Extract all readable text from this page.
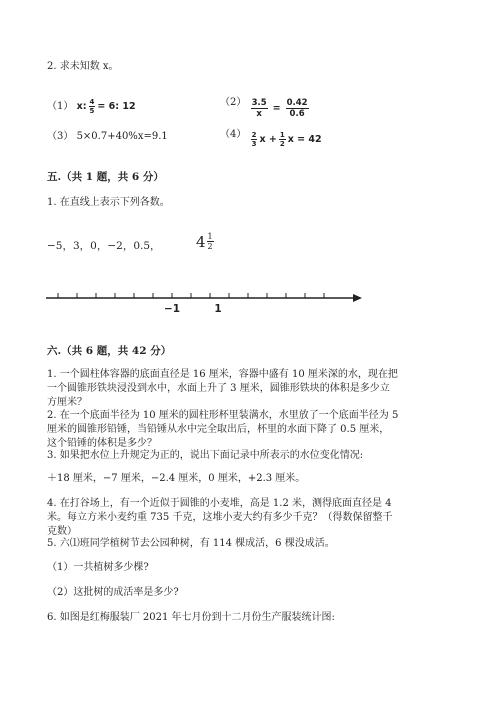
2. 求未知数 x。
（1） x: $\frac{4}{5} = 6$: 12	$(2) \frac{3.5}{x} = \frac{0.42}{0.6}$
（3） 5×0.7+40%x=9.1	$(4) \frac{2}{3}$ $x + \frac{1}{2}$ x = 42
五.（共 1 题，共 6 分）
1. 在直线上表示下列各数。
−5，3，0，−2，0.5， $4 \frac{1}{2}$
−1	1
六.（共 6 题，共 42 分）
1. 一个圆柱体容器的底面直径是 16 厘米，容器中盛有 10 厘米深的水，现在把
一个圆锥形铁块浸没到水中，水面上升了 3 厘米，圆锥形铁块的体积是多少立
方厘米？
2. 在一个底面半径为 10 厘米的圆柱形杯里装满水，水里放了一个底面半径为 5
厘米的圆锥形铅锤，当铅锤从水中完全取出后，杯里的水面下降了 0.5 厘米，
这个铅锤的体积是多少？
3. 如果把水位上升规定为正的，说出下面记录中所表示的水位变化情况:
＋18 厘米，−7 厘米，−2.4 厘米，0 厘米，+2.3 厘米。
4. 在打谷场上，有一个近似于圆锥的小麦堆，高是 1.2 米，测得底面直径是 4
米。每立方米小麦约重 735 千克，这堆小麦大约有多少千克？（得数保留整千
克数）
5. 六⑴班同学植树节去公园种树，有 114 棵成活，6 棵没成活。
（1）一共植树多少棵?
（2）这批树的成活率是多少?
6. 如图是红梅服装厂 2021 年七月份到十二月份生产服装统计图:
